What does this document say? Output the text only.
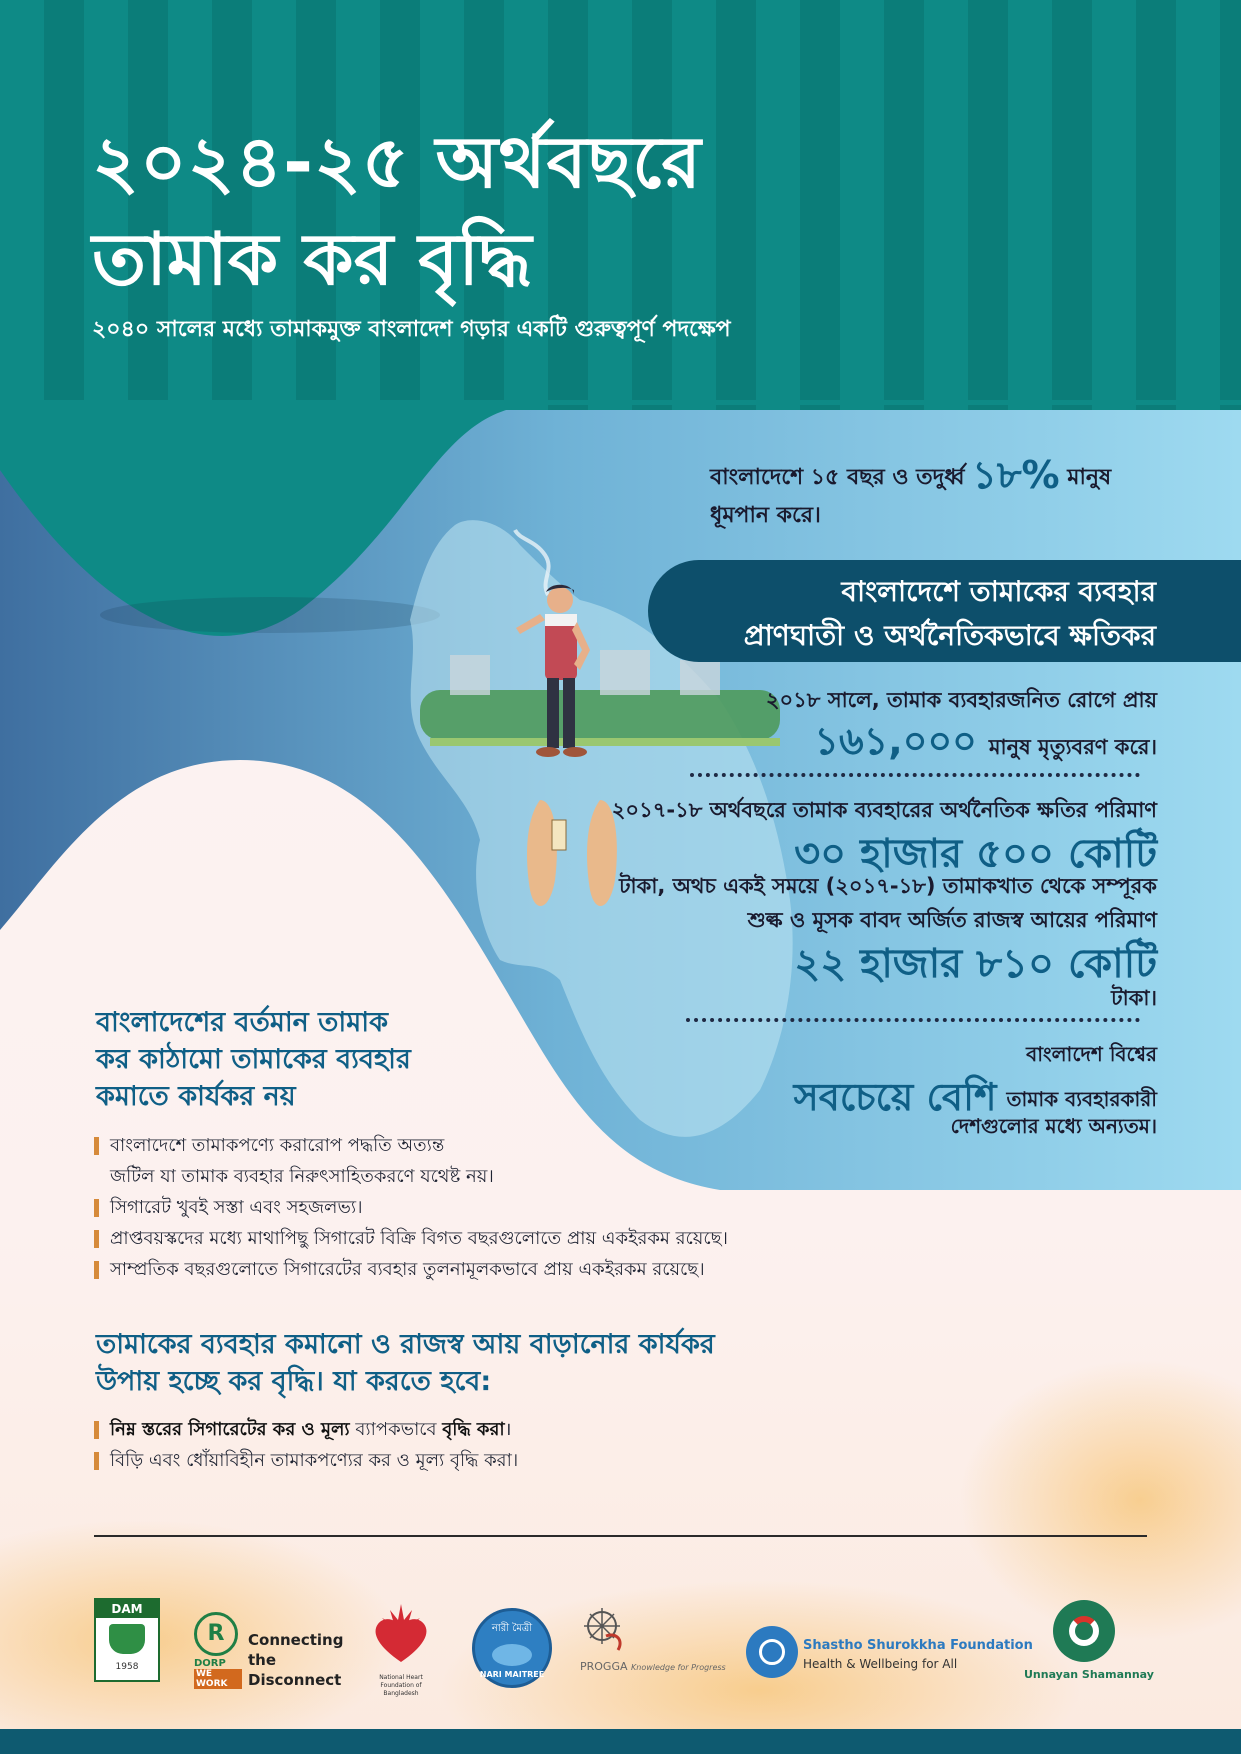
২০২৪-২৫ অর্থবছরে
তামাক কর বৃদ্ধি
২০৪০ সালের মধ্যে তামাকমুক্ত বাংলাদেশ গড়ার একটি গুরুত্বপূর্ণ পদক্ষেপ
বাংলাদেশে ১৫ বছর ও তদুর্ধ্ব ১৮% মানুষ
ধূমপান করে।
বাংলাদেশে তামাকের ব্যবহার
প্রাণঘাতী ও অর্থনৈতিকভাবে ক্ষতিকর
২০১৮ সালে, তামাক ব্যবহারজনিত রোগে প্রায়
১৬১,০০০ মানুষ মৃত্যুবরণ করে।
২০১৭-১৮ অর্থবছরে তামাক ব্যবহারের অর্থনৈতিক ক্ষতির পরিমাণ
৩০ হাজার ৫০০ কোটি
টাকা, অথচ একই সময়ে (২০১৭-১৮) তামাকখাত থেকে সম্পূরক
শুল্ক ও মূসক বাবদ অর্জিত রাজস্ব আয়ের পরিমাণ
২২ হাজার ৮১০ কোটি
টাকা।
বাংলাদেশ বিশ্বের
সবচেয়ে বেশি তামাক ব্যবহারকারী
দেশগুলোর মধ্যে অন্যতম।
বাংলাদেশের বর্তমান তামাক
কর কাঠামো তামাকের ব্যবহার
কমাতে কার্যকর নয়
বাংলাদেশে তামাকপণ্যে করারোপ পদ্ধতি অত্যন্ত
জটিল যা তামাক ব্যবহার নিরুৎসাহিতকরণে যথেষ্ট নয়।
সিগারেট খুবই সস্তা এবং সহজলভ্য।
প্রাপ্তবয়স্কদের মধ্যে মাথাপিছু সিগারেট বিক্রি বিগত বছরগুলোতে প্রায় একইরকম রয়েছে।
সাম্প্রতিক বছরগুলোতে সিগারেটের ব্যবহার তুলনামূলকভাবে প্রায় একইরকম রয়েছে।
তামাকের ব্যবহার কমানো ও রাজস্ব আয় বাড়ানোর কার্যকর
উপায় হচ্ছে কর বৃদ্ধি। যা করতে হবে:
নিম্ন স্তরের সিগারেটের কর ও মূল্য ব্যাপকভাবে বৃদ্ধি করা।
বিড়ি এবং ধোঁয়াবিহীন তামাকপণ্যের কর ও মূল্য বৃদ্ধি করা।
DAM
1958
R
DORP
WE WORK
Connecting
the
Disconnect	National Heart Foundation of Bangladesh
নারী মৈত্রী
NARI MAITREE
PROGGA Knowledge for Progress
Shastho Shurokkha Foundation
Health & Wellbeing for All
Unnayan Shamannay
